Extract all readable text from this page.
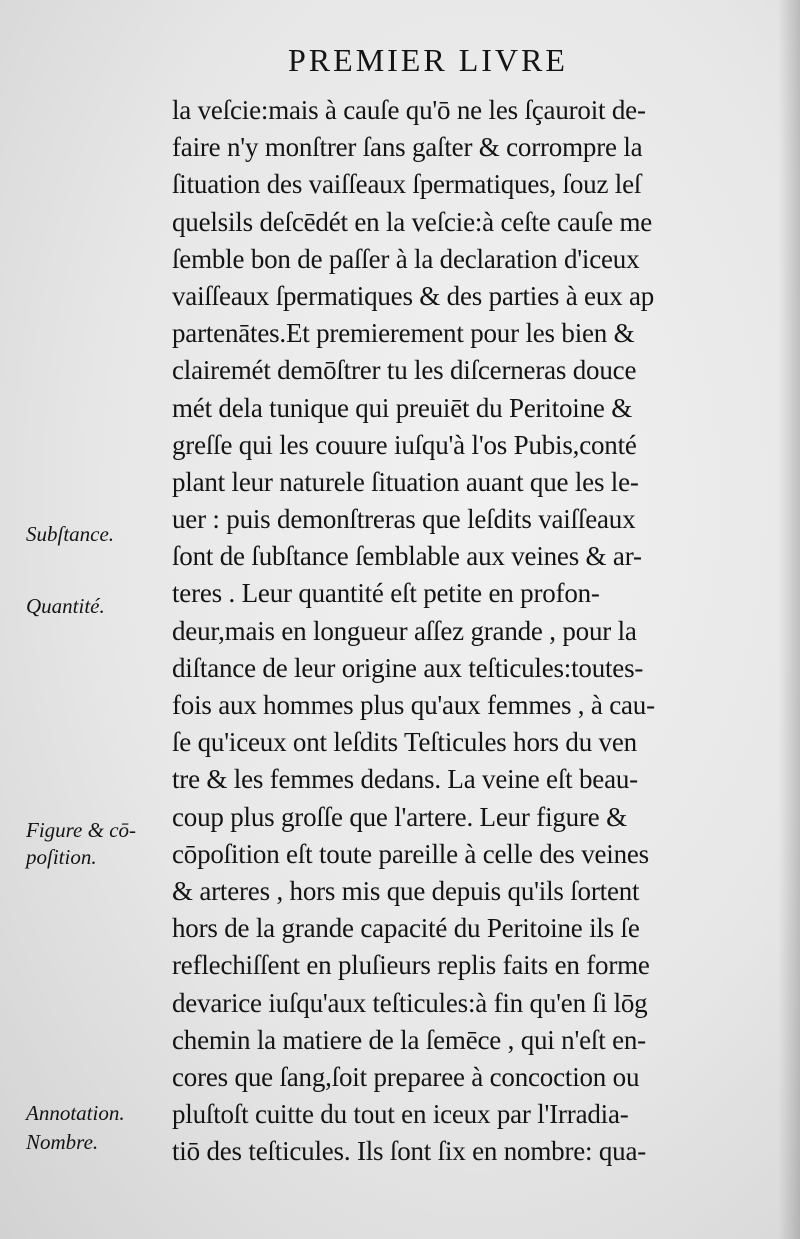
PREMIER LIVRE
la veſcie:mais à cauſe qu'ō ne les ſçauroit de-
faire n'y monſtrer ſans gaſter & corrompre la
ſituation des vaiſſeaux ſpermatiques, ſouz leſ
quelsils deſcēdét en la veſcie:à ceſte cauſe me
ſemble bon de paſſer à la declaration d'iceux
vaiſſeaux ſpermatiques & des parties à eux ap
partenātes.Et premierement pour les bien &
clairemét demōſtrer tu les diſcerneras douce
mét dela tunique qui preuiēt du Peritoine &
greſſe qui les couure iuſqu'à l'os Pubis,conté
plant leur naturele ſituation auant que les le-
uer : puis demonſtreras que leſdits vaiſſeaux
ſont de ſubſtance ſemblable aux veines & ar-
teres . Leur quantité eſt petite en profon-
deur,mais en longueur aſſez grande , pour la
diſtance de leur origine aux teſticules:toutes-
fois aux hommes plus qu'aux femmes , à cau-
ſe qu'iceux ont leſdits Teſticules hors du ven
tre & les femmes dedans. La veine eſt beau-
coup plus groſſe que l'artere. Leur figure &
cōpoſition eſt toute pareille à celle des veines
& arteres , hors mis que depuis qu'ils ſortent
hors de la grande capacité du Peritoine ils ſe
reflechiſſent en pluſieurs replis faits en forme
devarice iuſqu'aux teſticules:à fin qu'en ſi lōg
chemin la matiere de la ſemēce , qui n'eſt en-
cores que ſang,ſoit preparee à concoction ou
pluſtoſt cuitte du tout en iceux par l'Irradia-
tiō des teſticules. Ils ſont ſix en nombre: qua-
Subſtance.
Quantité.
Figure & cō-
poſition.
Annotation.
Nombre.
